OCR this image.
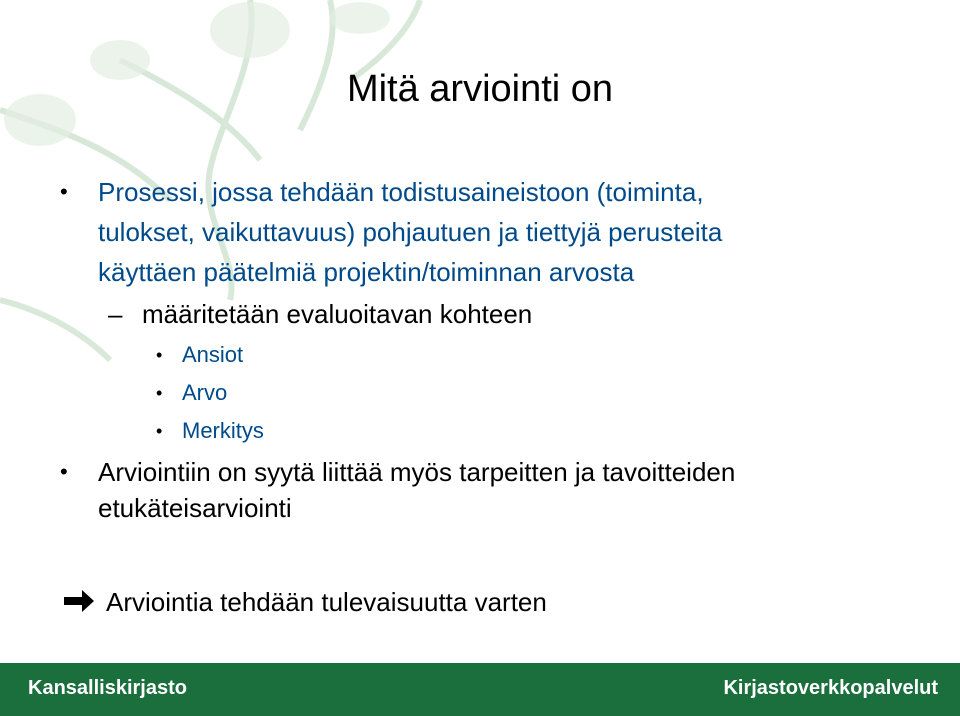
Mitä arviointi on
• Prosessi, jossa tehdään todistusaineistoon (toiminta,
tulokset, vaikuttavuus) pohjautuen ja tiettyjä perusteita
käyttäen päätelmiä projektin/toiminnan arvosta
– määritetään evaluoitavan kohteen
• Ansiot
• Arvo
• Merkitys
• Arviointiin on syytä liittää myös tarpeitten ja tavoitteiden
etukäteisarviointi
Arviointia tehdään tulevaisuutta varten
Kansalliskirjasto	Kirjastoverkkopalvelut
